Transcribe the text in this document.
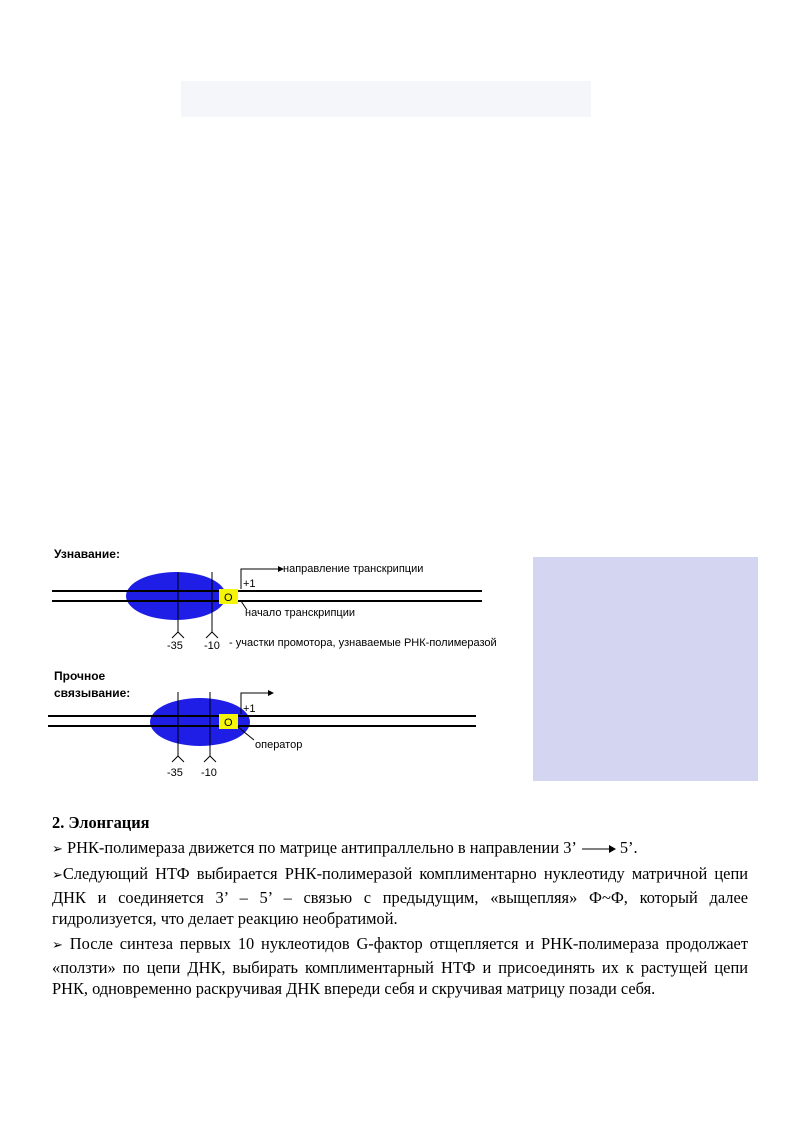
Узнавание:
О
направление транскрипции
+1
начало транскрипции
-35 -10 - участки промотора, узнаваемые РНК-полимеразой
Прочное
связывание:
О
+1
оператор
-35 -10
2. Элонгация

➢ РНК-полимераза движется по матрице антипраллельно в направлении 3’	5’.

➢Следующий НТФ выбирается РНК-полимеразой комплиментарно нуклеотиду матричной цепи ДНК и соединяется 3’ – 5’ – связью с предыдущим, «выщепляя» Ф~Ф, который далее гидролизуется, что делает реакцию необратимой.

➢ После синтеза первых 10 нуклеотидов G-фактор отщепляется и РНК-полимераза продолжает «ползти» по цепи ДНК, выбирать комплиментарный НТФ и присоединять их к растущей цепи РНК, одновременно раскручивая ДНК впереди себя и скручивая матрицу позади себя.
